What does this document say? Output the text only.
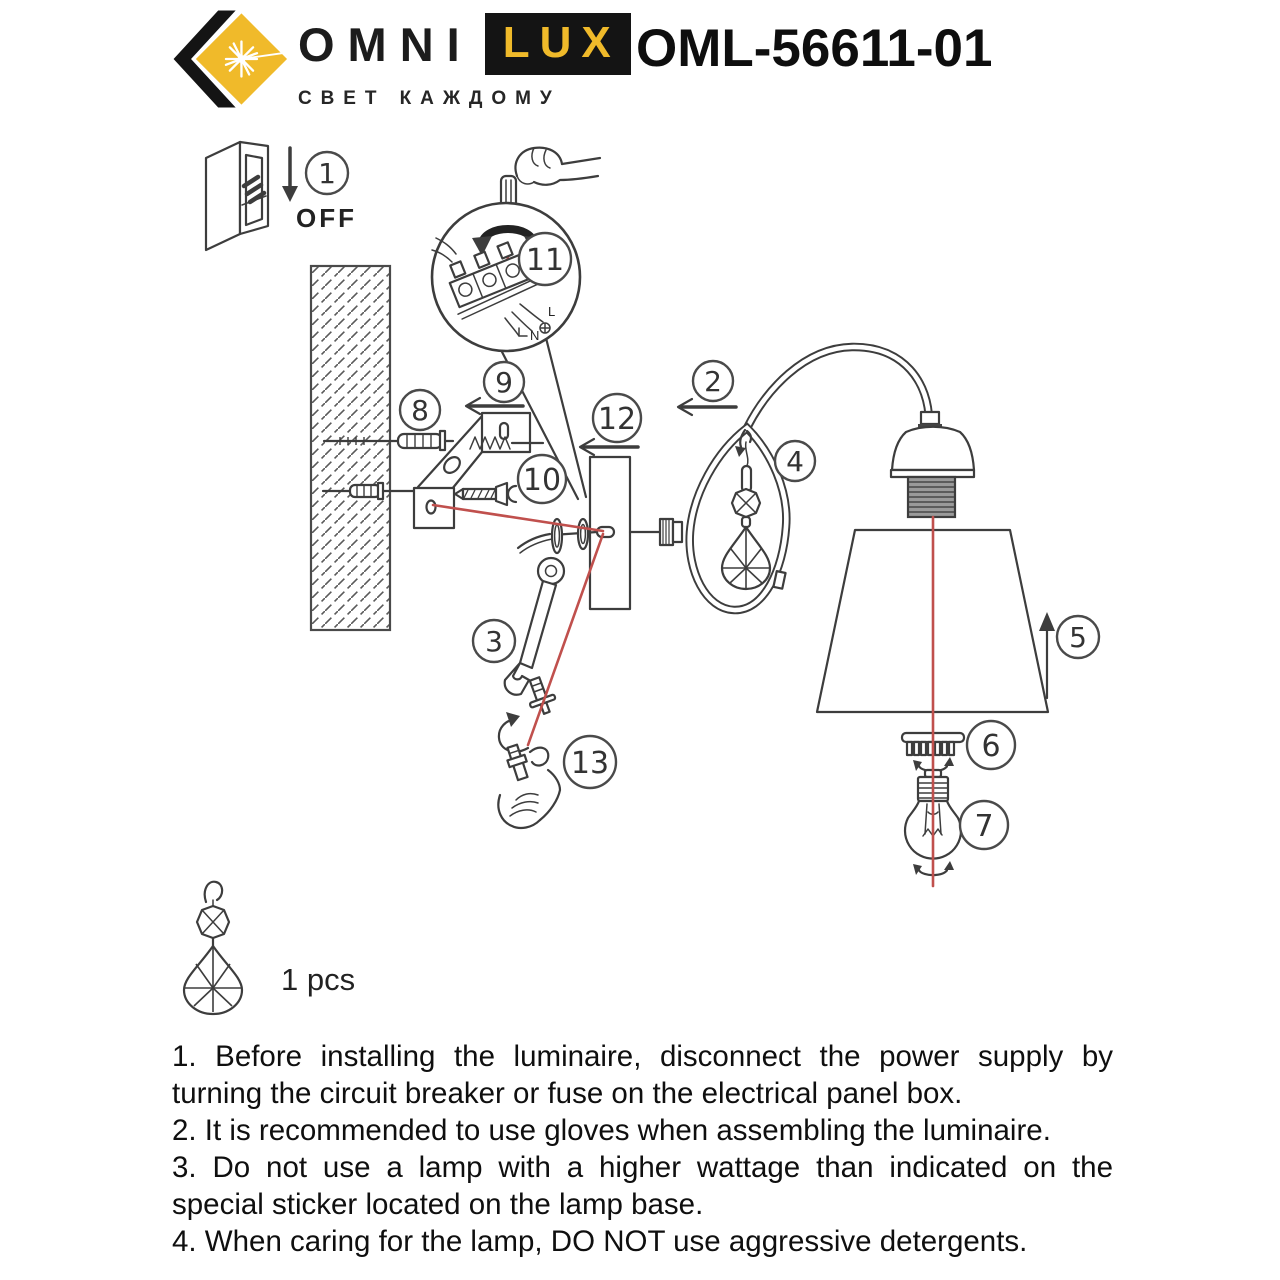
OMNI LUX
СВЕТ КАЖДОМУ
OML-56611-01
OFF
L
N
1 pcs
1
2
3
4
5
6
7
8
9
10
11
12
13

1. Before installing the luminaire, disconnect the power supply by turning the circuit breaker or fuse on the electrical panel box.

2. It is recommended to use gloves when assembling the luminaire.

3. Do not use a lamp with a higher wattage than indicated on the special sticker located on the lamp base.

4. When caring for the lamp, DO NOT use aggressive detergents.
